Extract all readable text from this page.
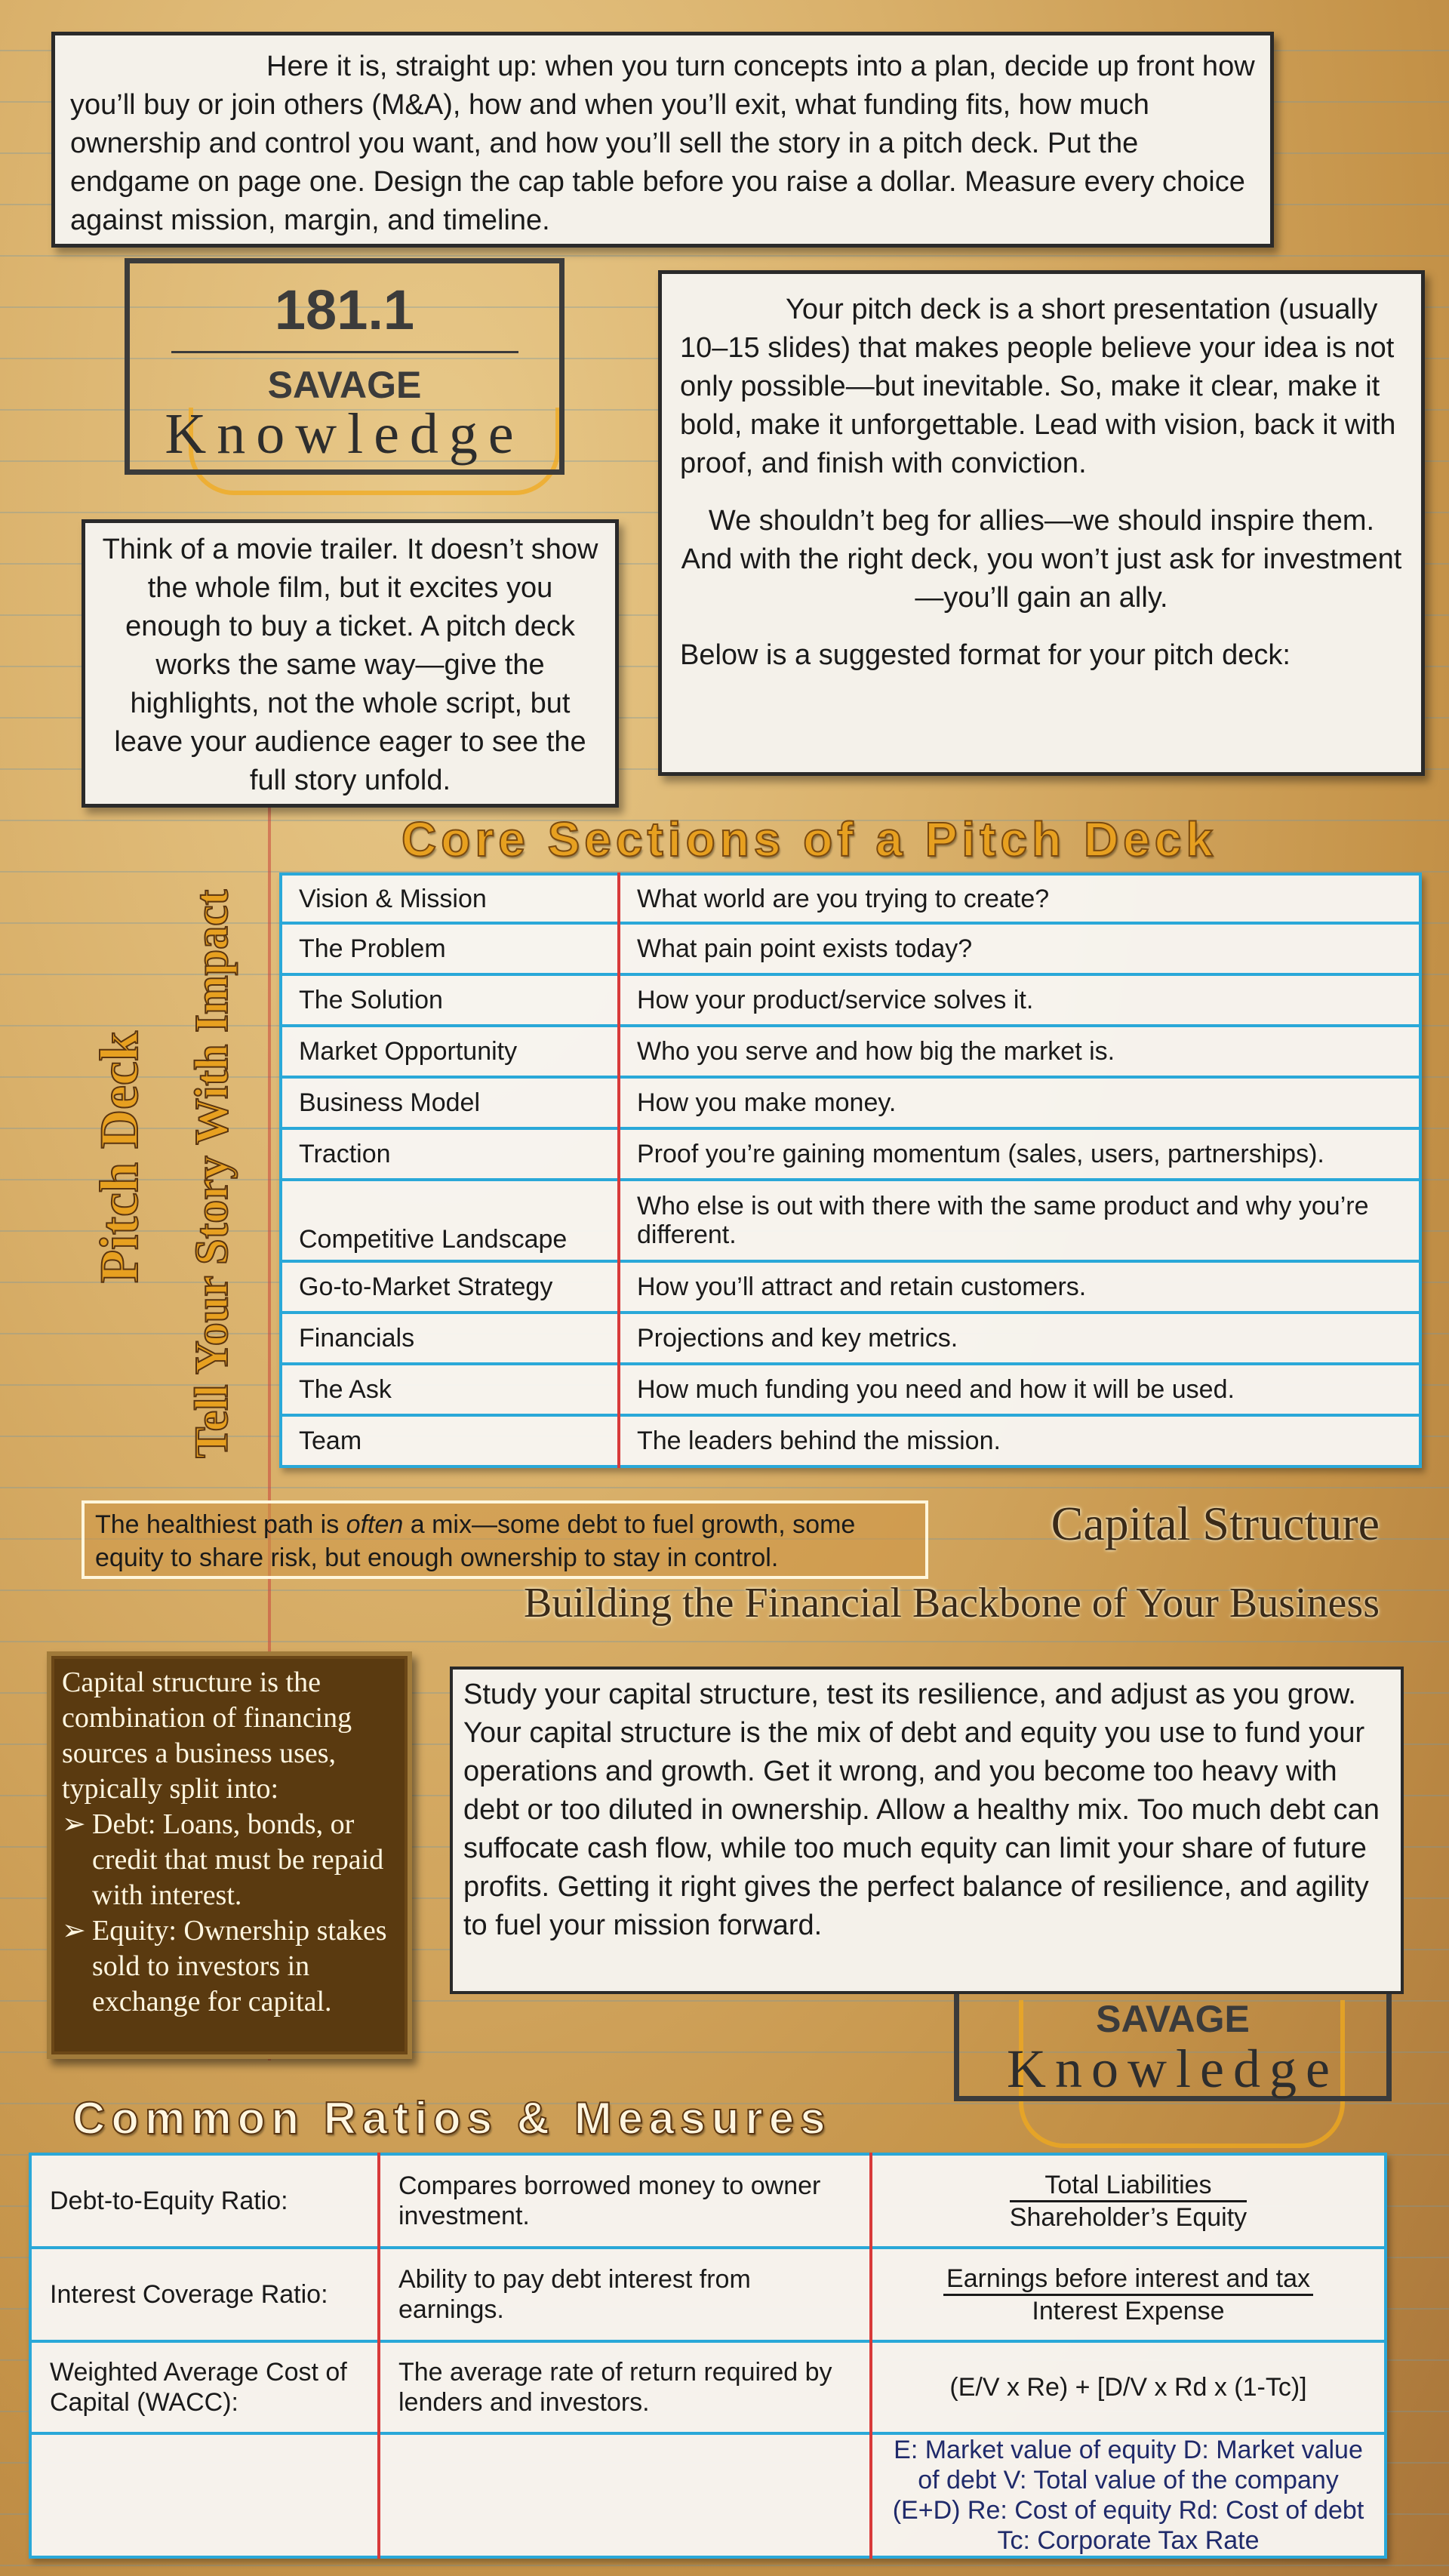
Here it is, straight up: when you turn concepts into a plan, decide up front how you’ll buy or join others (M&A), how and when you’ll exit, what funding fits, how much ownership and control you want, and how you’ll sell the story in a pitch deck. Put the endgame on page one. Design the cap table before you raise a dollar. Measure every choice against mission, margin, and timeline.
181.1
SAVAGE
Knowledge
Think of a movie trailer. It doesn’t show the whole film, but it excites you enough to buy a ticket. A pitch deck works the same way—give the highlights, not the whole script, but leave your audience eager to see the full story unfold.
Your pitch deck is a short presentation (usually 10–15 slides) that makes people believe your idea is not only possible—but inevitable. So, make it clear, make it bold, make it unforgettable. Lead with vision, back it with proof, and finish with conviction.
We shouldn’t beg for allies—we should inspire them. And with the right deck, you won’t just ask for investment—you’ll gain an ally.
Below is a suggested format for your pitch deck:
Pitch Deck Tell Your Story With Impact
Core Sections of a Pitch Deck
Vision & Mission	What world are you trying to create?
The Problem	What pain point exists today?
The Solution	How your product/service solves it.
Market Opportunity	Who you serve and how big the market is.
Business Model	How you make money.
Traction	Proof you’re gaining momentum (sales, users, partnerships).
Competitive Landscape	Who else is out with there with the same product and why you’re different.
Go-to-Market Strategy	How you’ll attract and retain customers.
Financials	Projections and key metrics.
The Ask	How much funding you need and how it will be used.
Team	The leaders behind the mission.
The healthiest path is often a mix—some debt to fuel growth, some equity to share risk, but enough ownership to stay in control.
Capital Structure
Building the Financial Backbone of Your Business
Capital structure is the combination of financing sources a business uses, typically split into:
➢ Debt: Loans, bonds, or credit that must be repaid with interest.
➢ Equity: Ownership stakes sold to investors in exchange for capital.	SAVAGE
Knowledge
Study your capital structure, test its resilience, and adjust as you grow. Your capital structure is the mix of debt and equity you use to fund your operations and growth. Get it wrong, and you become too heavy with debt or too diluted in ownership. Allow a healthy mix. Too much debt can suffocate cash flow, while too much equity can limit your share of future profits. Getting it right gives the perfect balance of resilience, and agility to fuel your mission forward.
Common Ratios & Measures
Debt-to-Equity Ratio:	Compares borrowed money to owner investment.	$\frac{\text{Total Liabilities}}{\text{Shareholder’s Equity}}$
Interest Coverage Ratio:	Ability to pay debt interest from earnings.	$\frac{\text{Earnings before interest and tax}}{\text{Interest Expense}}$
Weighted Average Cost of Capital (WACC):	The average rate of return required by lenders and investors.	(E/V x Re) + [D/V x Rd x (1-Tc)]
		E: Market value of equity D: Market value of debt V: Total value of the company (E+D) Re: Cost of equity Rd: Cost of debt Tc: Corporate Tax Rate
